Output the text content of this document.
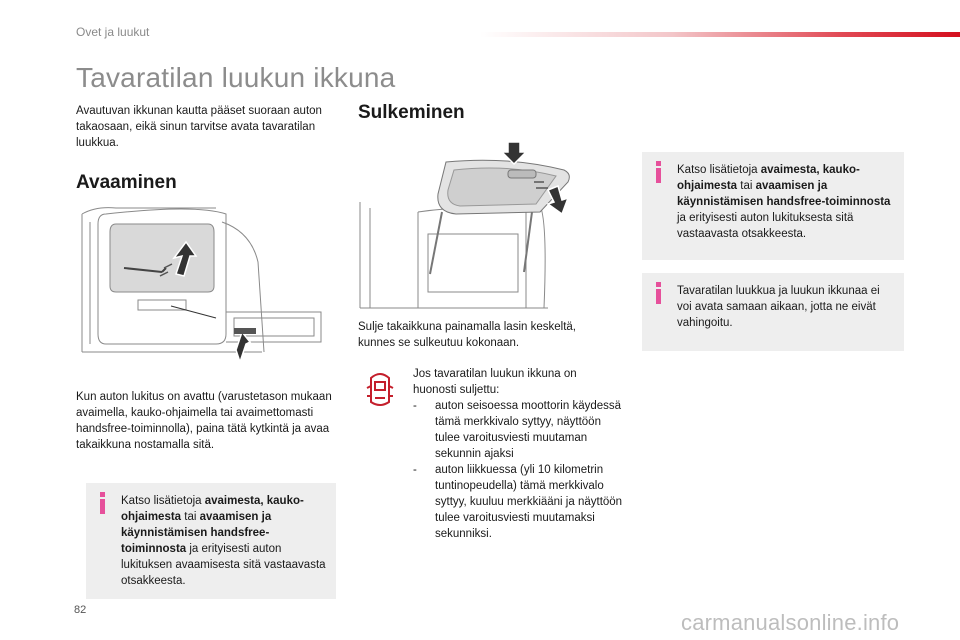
Ovet ja luukut
Tavaratilan luukun ikkuna

Avautuvan ikkunan kautta pääset suoraan auton takaosaan, eikä sinun tarvitse avata tavaratilan luukkua.

Avaaminen

Kun auton lukitus on avattu (varustetason mukaan avaimella, kauko-ohjaimella tai avaimettomasti handsfree-toiminnolla), paina tätä kytkintä ja avaa takaikkuna nostamalla sitä.

Katso lisätietoja avaimesta, kauko-ohjaimesta tai avaamisen ja käynnistämisen handsfree-toiminnosta ja erityisesti auton lukituksen avaamisesta sitä vastaavasta otsakkeesta.
Sulkeminen

Sulje takaikkuna painamalla lasin keskeltä, kunnes se sulkeutuu kokonaan.

Jos tavaratilan luukun ikkuna on huonosti suljettu:

- auton seisoessa moottorin käydessä tämä merkkivalo syttyy, näyttöön tulee varoitusviesti muutaman sekunnin ajaksi
- auton liikkuessa (yli 10 kilometrin tuntinopeudella) tämä merkkivalo syttyy, kuuluu merkkiääni ja näyttöön tulee varoitusviesti muutamaksi sekunniksi.
Katso lisätietoja avaimesta, kauko-ohjaimesta tai avaamisen ja käynnistämisen handsfree-toiminnosta ja erityisesti auton lukituksesta sitä vastaavasta otsakkeesta.
Tavaratilan luukkua ja luukun ikkunaa ei voi avata samaan aikaan, jotta ne eivät vahingoitu.
82	carmanualsonline.info
